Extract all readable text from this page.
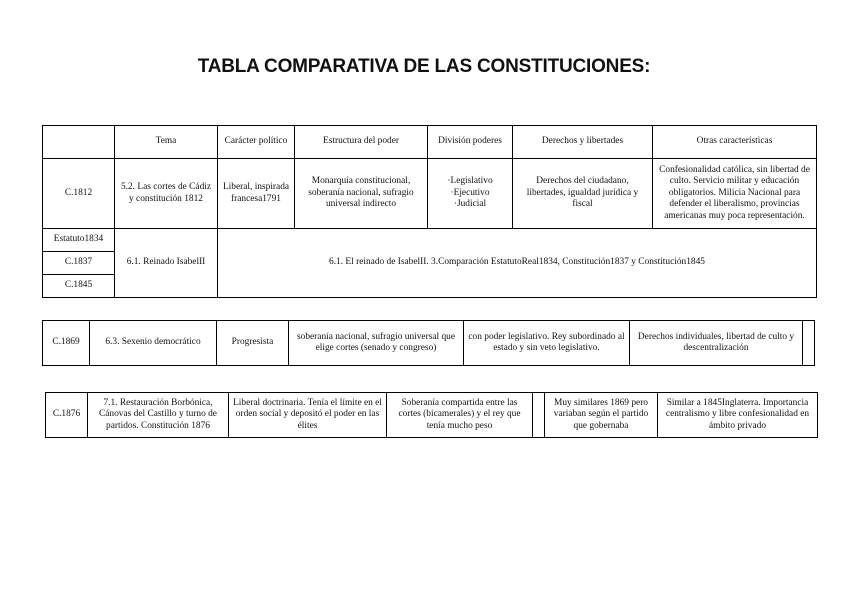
TABLA COMPARATIVA DE LAS CONSTITUCIONES:
	Tema	Carácter político	Estructura del poder	División poderes	Derechos y libertades	Otras características
C.1812	5.2. Las cortes de Cádiz y constitución 1812	Liberal, inspirada francesa1791	Monarquía constitucional, soberanía nacional, sufragio universal indirecto	·Legislativo ·Ejecutivo ·Judicial	Derechos del ciudadano, libertades, igualdad jurídica y fiscal	Confesionalidad católica, sin libertad de culto. Servicio militar y educación obligatorios. Milicia Nacional para defender el liberalismo, provincias americanas muy poca representación.
Estatuto1834	6.1. Reinado IsabelII	6.1. El reinado de IsabelII. 3.Comparación EstatutoReal1834, Constitución1837 y Constitución1845				
C.1837						
C.1845						
C.1869	6.3. Sexenio democrático	Progresista	soberanía nacional, sufragio universal que elige cortes (senado y congreso)	con poder legislativo. Rey subordinado al estado y sin veto legislativo.	Derechos individuales, libertad de culto y descentralización	
C.1876	7.1. Restauración Borbónica, Cánovas del Castillo y turno de partidos. Constitución 1876	Liberal doctrinaria. Tenía el límite en el orden social y depositó el poder en las élites	Soberanía compartida entre las cortes (bicamerales) y el rey que tenía mucho peso		Muy similares 1869 pero variaban según el partido que gobernaba	Similar a 1845Inglaterra. Importancia centralismo y libre confesionalidad en ámbito privado
